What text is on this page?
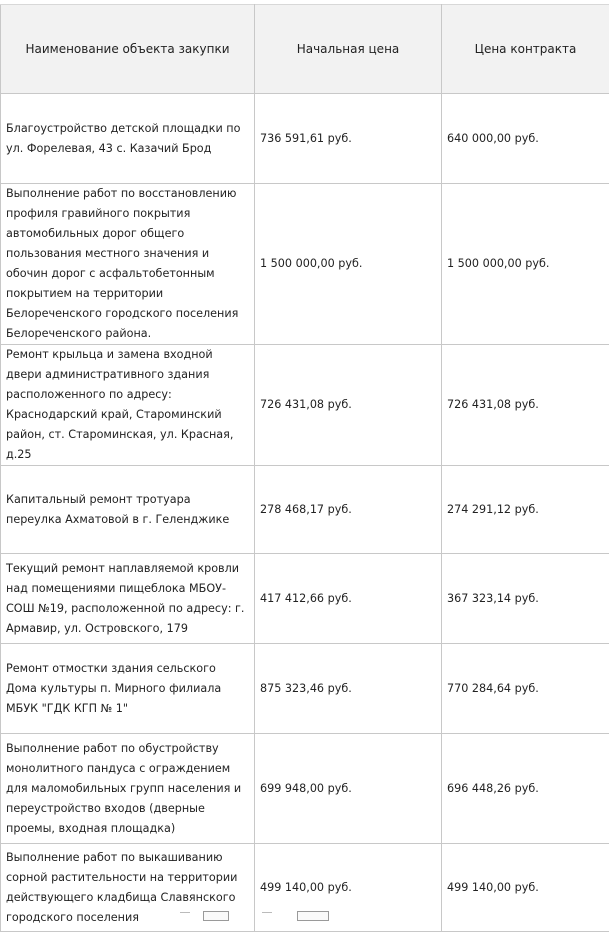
Наименование объекта закупки	Начальная цена	Цена контракта
Благоустройство детской площадки по ул. Форелевая, 43 с. Казачий Брод	736 591,61 руб.	640 000,00 руб.
Выполнение работ по восстановлению профиля гравийного покрытия автомобильных дорог общего пользования местного значения и обочин дорог с асфальтобетонным покрытием на территории Белореченского городского поселения Белореченского района.	1 500 000,00 руб.	1 500 000,00 руб.
Ремонт крыльца и замена входной двери административного здания расположенного по адресу: Краснодарский край, Староминский район, ст. Староминская, ул. Красная, д.25	726 431,08 руб.	726 431,08 руб.
Капитальный ремонт тротуара переулка Ахматовой в г. Геленджике	278 468,17 руб.	274 291,12 руб.
Текущий ремонт наплавляемой кровли над помещениями пищеблока МБОУ- СОШ №19, расположенной по адресу: г. Армавир, ул. Островского, 179	417 412,66 руб.	367 323,14 руб.
Ремонт отмостки здания сельского Дома культуры п. Мирного филиала МБУК "ГДК КГП № 1"	875 323,46 руб.	770 284,64 руб.
Выполнение работ по обустройству монолитного пандуса с ограждением для маломобильных групп населения и переустройство входов (дверные проемы, входная площадка)	699 948,00 руб.	696 448,26 руб.
Выполнение работ по выкашиванию сорной растительности на территории действующего кладбища Славянского городского поселения	499 140,00 руб.	499 140,00 руб.
